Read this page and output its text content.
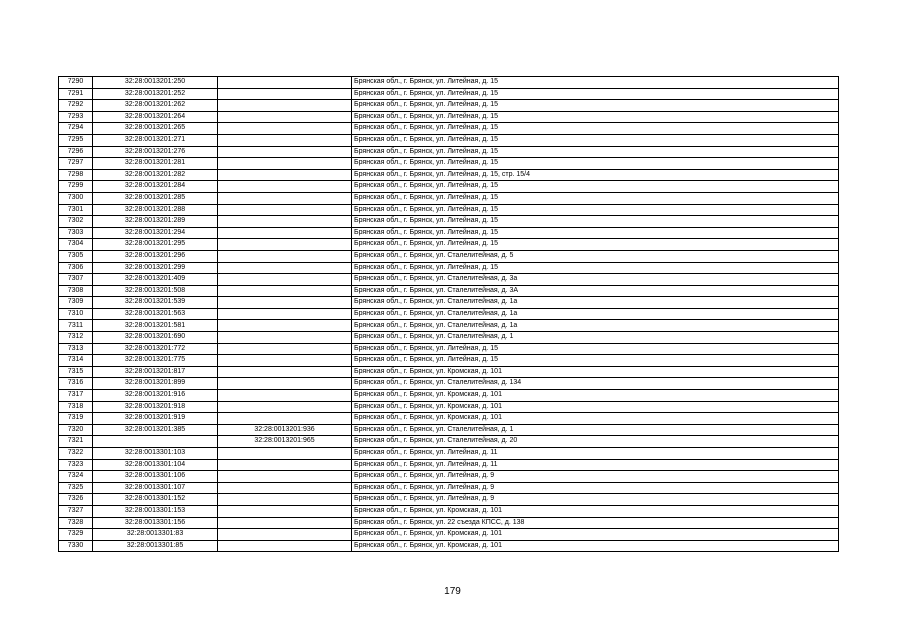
7290	32:28:0013201:250		Брянская обл., г. Брянск, ул. Литейная, д. 15
7291	32:28:0013201:252		Брянская обл., г. Брянск, ул. Литейная, д. 15
7292	32:28:0013201:262		Брянская обл., г. Брянск, ул. Литейная, д. 15
7293	32:28:0013201:264		Брянская обл., г. Брянск, ул. Литейная, д. 15
7294	32:28:0013201:265		Брянская обл., г. Брянск, ул. Литейная, д. 15
7295	32:28:0013201:271		Брянская обл., г. Брянск, ул. Литейная, д. 15
7296	32:28:0013201:276		Брянская обл., г. Брянск, ул. Литейная, д. 15
7297	32:28:0013201:281		Брянская обл., г. Брянск, ул. Литейная, д. 15
7298	32:28:0013201:282		Брянская обл., г. Брянск, ул. Литейная, д. 15, стр. 15/4
7299	32:28:0013201:284		Брянская обл., г. Брянск, ул. Литейная, д. 15
7300	32:28:0013201:285		Брянская обл., г. Брянск, ул. Литейная, д. 15
7301	32:28:0013201:288		Брянская обл., г. Брянск, ул. Литейная, д. 15
7302	32:28:0013201:289		Брянская обл., г. Брянск, ул. Литейная, д. 15
7303	32:28:0013201:294		Брянская обл., г. Брянск, ул. Литейная, д. 15
7304	32:28:0013201:295		Брянская обл., г. Брянск, ул. Литейная, д. 15
7305	32:28:0013201:296		Брянская обл., г. Брянск, ул. Сталелитейная, д. 5
7306	32:28:0013201:299		Брянская обл., г. Брянск, ул. Литейная, д. 15
7307	32:28:0013201:409		Брянская обл., г. Брянск, ул. Сталелитейная, д. 3а
7308	32:28:0013201:508		Брянская обл., г. Брянск, ул. Сталелитейная, д. 3А
7309	32:28:0013201:539		Брянская обл., г. Брянск, ул. Сталелитейная, д. 1а
7310	32:28:0013201:563		Брянская обл., г. Брянск, ул. Сталелитейная, д. 1а
7311	32:28:0013201:581		Брянская обл., г. Брянск, ул. Сталелитейная, д. 1а
7312	32:28:0013201:690		Брянская обл., г. Брянск, ул. Сталелитейная, д. 1
7313	32:28:0013201:772		Брянская обл., г. Брянск, ул. Литейная, д. 15
7314	32:28:0013201:775		Брянская обл., г. Брянск, ул. Литейная, д. 15
7315	32:28:0013201:817		Брянская обл., г. Брянск, ул. Кромская, д. 101
7316	32:28:0013201:899		Брянская обл., г. Брянск, ул. Сталелитейная, д. 134
7317	32:28:0013201:916		Брянская обл., г. Брянск, ул. Кромская, д. 101
7318	32:28:0013201:918		Брянская обл., г. Брянск, ул. Кромская, д. 101
7319	32:28:0013201:919		Брянская обл., г. Брянск, ул. Кромская, д. 101
7320	32:28:0013201:385	32:28:0013201:936	Брянская обл., г. Брянск, ул. Сталелитейная, д. 1
7321		32:28:0013201:965	Брянская обл., г. Брянск, ул. Сталелитейная, д. 20
7322	32:28:0013301:103		Брянская обл., г. Брянск, ул. Литейная, д. 11
7323	32:28:0013301:104		Брянская обл., г. Брянск, ул. Литейная, д. 11
7324	32:28:0013301:106		Брянская обл., г. Брянск, ул. Литейная, д. 9
7325	32:28:0013301:107		Брянская обл., г. Брянск, ул. Литейная, д. 9
7326	32:28:0013301:152		Брянская обл., г. Брянск, ул. Литейная, д. 9
7327	32:28:0013301:153		Брянская обл., г. Брянск, ул. Кромская, д. 101
7328	32:28:0013301:156		Брянская обл., г. Брянск, ул. 22 съезда КПСС, д. 138
7329	32:28:0013301:83		Брянская обл., г. Брянск, ул. Кромская, д. 101
7330	32:28:0013301:85		Брянская обл., г. Брянск, ул. Кромская, д. 101
179
